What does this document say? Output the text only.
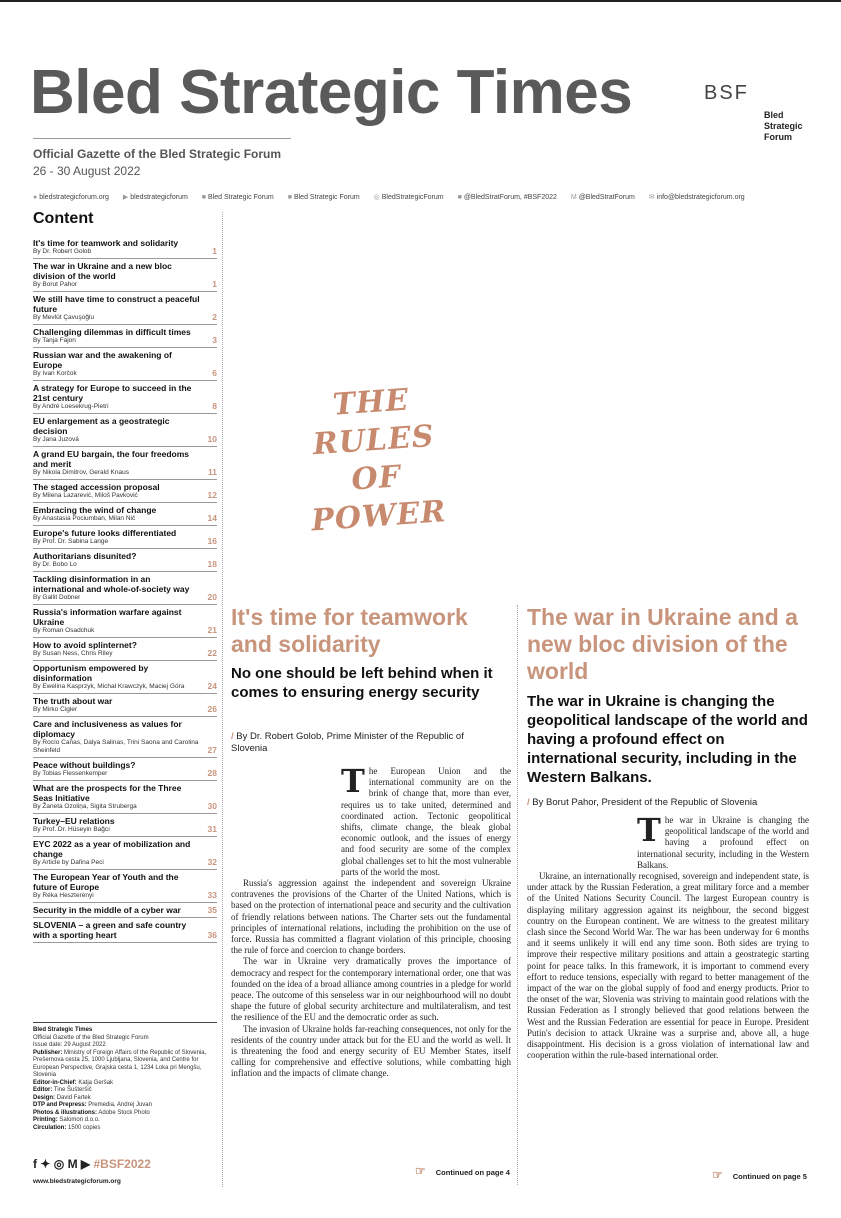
Bled Strategic Times
Official Gazette of the Bled Strategic Forum
26 - 30 August 2022
BSF
Bled
Strategic
Forum
● bledstrategicforum.org ▶ bledstrategicforum ■ Bled Strategic Forum ■ Bled Strategic Forum ◎ BledStrategicForum ■ @BledStratForum, #BSF2022 M @BledStratForum ✉ info@bledstrategicforum.org
Content
It's time for teamwork and solidarity
By Dr. Robert Golob	1
The war in Ukraine and a new bloc division of the world
By Borut Pahor	1
We still have time to construct a peaceful future
By Mevlüt Çavuşoğlu	2
Challenging dilemmas in difficult times
By Tanja Fajon	3
Russian war and the awakening of Europe
By Ivan Korčok	6
A strategy for Europe to succeed in the 21st century
By André Loesekrug-Pietri	8
EU enlargement as a geostrategic decision
By Jana Juzová	10
A grand EU bargain, the four freedoms and merit
By Nikola Dimitrov, Gerald Knaus	11
The staged accession proposal
By Milena Lazarević, Miloš Pavković	12
Embracing the wind of change
By Anastasia Pociumban, Milan Nič	14
Europe's future looks differentiated
By Prof. Dr. Sabina Lange	16
Authoritarians disunited?
By Dr. Bobo Lo	18
Tackling disinformation in an international and whole-of-society way
By Gallit Dobner	20
Russia's information warfare against Ukraine
By Roman Osadchuk	21
How to avoid splinternet?
By Susan Ness, Chris Riley	22
Opportunism empowered by disinformation
By Ewelina Kasprzyk, Michał Krawczyk, Maciej Góra	24
The truth about war
By Mirko Cigler	26
Care and inclusiveness as values for diplomacy
By Rocío Cañas, Dalya Salinas, Trini Saona and Carolina Sheinfeld	27
Peace without buildings?
By Tobias Flessenkemper	28
What are the prospects for the Three Seas Initiative
By Žaneta Ozoliņa, Sigita Struberga	30
Turkey–EU relations
By Prof. Dr. Hüseyin Bağcı	31
EYC 2022 as a year of mobilization and change
By Article by Dafina Peci	32
The European Year of Youth and the future of Europe
By Réka Heszterényi	33
Security in the middle of a cyber war	35
SLOVENIA – a green and safe country with a sporting heart	36
Bled Strategic Times
Official Gazette of the Bled Strategic Forum
Issue date: 29 August 2022
Publisher: Ministry of Foreign Affairs of the Republic of Slovenia, Prešernova cesta 25, 1000 Ljubljana, Slovenia, and Centre for European Perspective, Grajska cesta 1, 1234 Loka pri Mengšu, Slovenia
Editor-in-Chief: Katja Geršak
Editor: Tine Šušteršič
Design: David Fartek
DTP and Prepress: Premedia, Andrej Juvan
Photos & illustrations: Adobe Stock Photo
Printing: Salomon d.o.o.
Circulation: 1500 copies
f ✦ ◎ M ▶ #BSF2022
www.bledstrategicforum.org
THE
RULES OF
POWER
It's time for teamwork and solidarity
No one should be left behind when it comes to ensuring energy security
/ By Dr. Robert Golob, Prime Minister of the Republic of Slovenia
The European Union and the international community are on the brink of change that, more than ever, requires us to take united, determined and coordinated action. Tectonic geopolitical shifts, climate change, the bleak global economic outlook, and the issues of energy and food security are some of the complex global challenges set to hit the most vulnerable parts of the world the most.

Russia's aggression against the independent and sovereign Ukraine contravenes the provisions of the Charter of the United Nations, which is based on the protection of international peace and security and the cultivation of friendly relations between nations. The Charter sets out the fundamental principles of international relations, including the prohibition on the use of force. Russia has committed a flagrant violation of this principle, choosing the rule of force and coercion to change borders.

The war in Ukraine very dramatically proves the importance of democracy and respect for the contemporary international order, one that was founded on the idea of a broad alliance among countries in a pledge for world peace. The outcome of this senseless war in our neighbourhood will no doubt shape the future of global security architecture and multilateralism, and test the resilience of the EU and the democratic order as such.

The invasion of Ukraine holds far-reaching consequences, not only for the residents of the country under attack but for the EU and the world as well. It is threatening the food and energy security of EU Member States, itself calling for comprehensive and effective solutions, while combatting high inflation and the impacts of climate change.

☞ Continued on page 4
The war in Ukraine and a new bloc division of the world
The war in Ukraine is changing the geopolitical landscape of the world and having a profound effect on international security, including in the Western Balkans.
/ By Borut Pahor, President of the Republic of Slovenia
The war in Ukraine is changing the geopolitical landscape of the world and having a profound effect on international security, including in the Western Balkans.

Ukraine, an internationally recognised, sovereign and independent state, is under attack by the Russian Federation, a great military force and a member of the United Nations Security Council. The largest European country is displaying military aggression against its neighbour, the second biggest country on the European continent. We are witness to the greatest military clash since the Second World War. The war has been underway for 6 months and it seems unlikely it will end any time soon. Both sides are trying to improve their respective military positions and attain a geostrategic starting point for peace talks. In this framework, it is important to commend every effort to reduce tensions, especially with regard to better management of the impact of the war on the global supply of food and energy products. Prior to the onset of the war, Slovenia was striving to maintain good relations with the Russian Federation as I strongly believed that good relations between the West and the Russian Federation are essential for peace in Europe. President Putin's decision to attack Ukraine was a surprise and, above all, a huge disappointment. His decision is a gross violation of international law and cooperation within the rule-based international order.

☞ Continued on page 5
